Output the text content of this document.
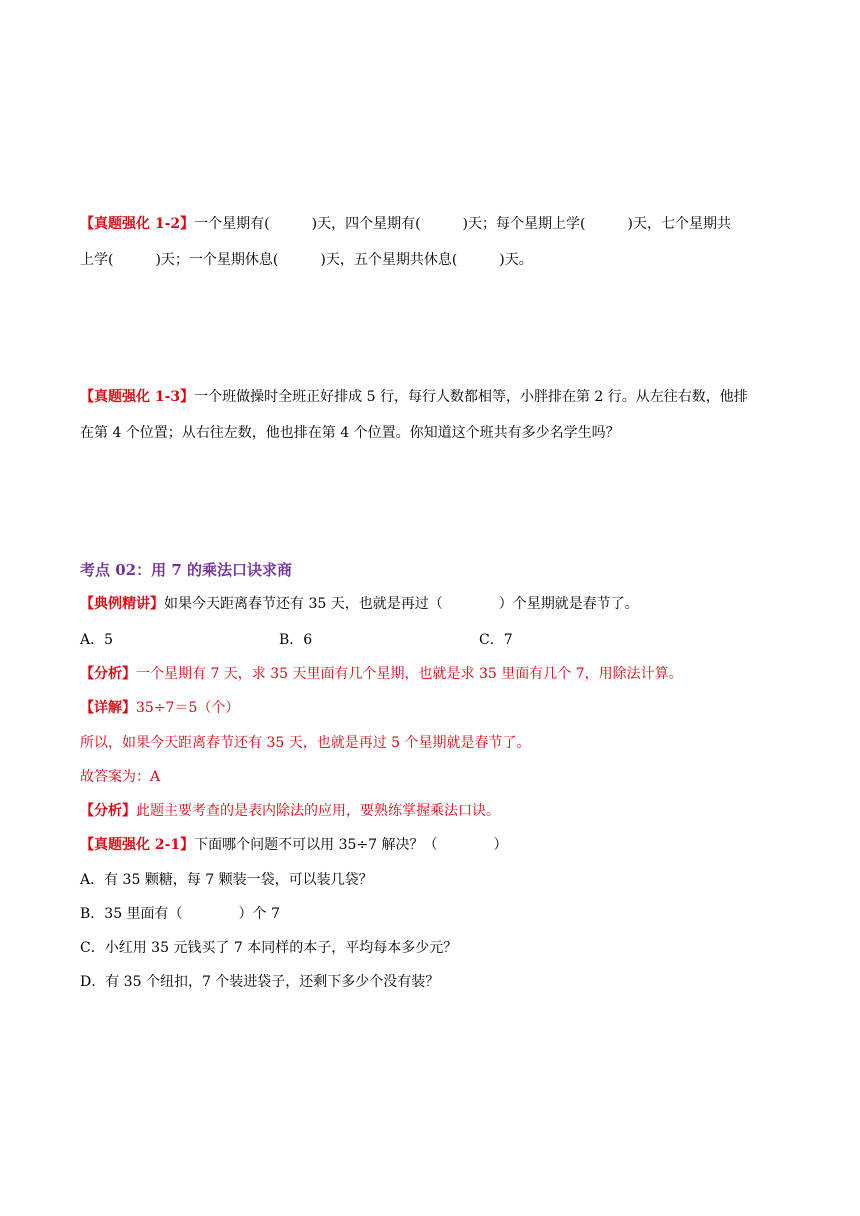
【真题强化 1-2】一个星期有(　　　)天，四个星期有(　　　)天；每个星期上学(　　　)天，七个星期共
上学(　　　)天；一个星期休息(　　　)天，五个星期共休息(　　　)天。
【真题强化 1-3】一个班做操时全班正好排成 5 行，每行人数都相等，小胖排在第 2 行。从左往右数，他排
在第 4 个位置；从右往左数，他也排在第 4 个位置。你知道这个班共有多少名学生吗？
考点 02：用 7 的乘法口诀求商
【典例精讲】如果今天距离春节还有 35 天，也就是再过（　　　　）个星期就是春节了。
A．5	B．6	C．7
【分析】一个星期有 7 天，求 35 天里面有几个星期，也就是求 35 里面有几个 7，用除法计算。
【详解】35÷7＝5（个）
所以，如果今天距离春节还有 35 天，也就是再过 5 个星期就是春节了。
故答案为：A
【分析】此题主要考查的是表内除法的应用，要熟练掌握乘法口诀。
【真题强化 2-1】下面哪个问题不可以用 35÷7 解决？（　　　　）
A．有 35 颗糖，每 7 颗装一袋，可以装几袋？
B．35 里面有（　　　　）个 7
C．小红用 35 元钱买了 7 本同样的本子，平均每本多少元？
D．有 35 个纽扣，7 个装进袋子，还剩下多少个没有装？
